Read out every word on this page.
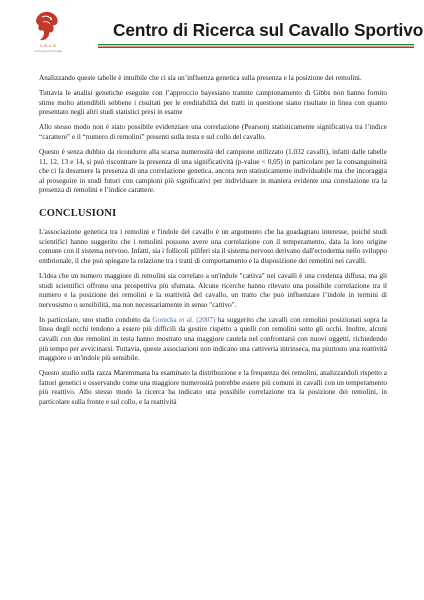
C.R.C.S
Università di Perugia
Centro di Ricerca sul Cavallo Sportivo

Analizzando queste tabelle è intuibile che ci sia un’influenza genetica sulla presenza e la posizione dei remolini.

Tuttavia le analisi genetiche eseguite con l’approccio bayesiano tramite campionamento di Gibbs non hanno fornito stime molto attendibili sebbene i risultati per le ereditabilità dei tratti in questione siano risultate in linea con quanto presentato negli altri studi statistici presi in esame

Allo stesso modo non è stato possibile evidenziare una correlazione (Pearson) statisticamente significativa tra l’indice “carattere” e il “numero di remolini” presenti sulla testa e sul collo del cavallo.

Questo è senza dubbio da ricondurre alla scarsa numerosità del campione utilizzato (1.032 cavalli), infatti dalle tabelle 11, 12, 13 e 14, si può riscontrare la presenza di una significatività (p-value < 0,05) in particolare per la consanguineità che ci fa desumere la presenza di una correlazione genetica, ancora non statisticamente individuabile ma che incoraggia al proseguire in studi futuri con campioni più significativi per individuare in maniera evidente una correlazione tra la presenza di remolini e l’indice carattere.

CONCLUSIONI

L'associazione genetica tra i remolini e l'indole del cavallo è un argomento che ha guadagnato interesse, poiché studi scientifici hanno suggerito che i remolini possono avere una correlazione con il temperamento, data la loro origine comune con il sistema nervoso. Infatti, sia i follicoli piliferi sia il sistema nervoso derivano dall'ectoderma nello sviluppo embrionale, il che può spiegare la relazione tra i tratti di comportamento e la disposizione dei remolini nei cavalli.

L'idea che un numero maggiore di remolini sia correlato a un'indole "cattiva" nei cavalli è una credenza diffusa, ma gli studi scientifici offrono una prospettiva più sfumata. Alcune ricerche hanno rilevato una possibile correlazione tra il numero e la posizione dei remolini e la reattività del cavallo, un tratto che può influenzare l’indole in termini di nervosismo o sensibilità, ma non necessariamente in senso "cattivo".

In particolare, uno studio condotto da Gorecka et al. (2007) ha suggerito che cavalli con remolini posizionati sopra la linea degli occhi tendono a essere più difficili da gestire rispetto a quelli con remolini sotto gli occhi. Inoltre, alcuni cavalli con due remolini in testa hanno mostrato una maggiore cautela nel confrontarsi con nuovi oggetti, richiedendo più tempo per avvicinarsi. Tuttavia, queste associazioni non indicano una cattiveria intrinseca, ma piuttosto una reattività maggiore o un'indole più sensibile.

Questo studio sulla razza Maremmana ha esaminato la distribuzione e la frequenza dei remolini, analizzandoli rispetto a fattori genetici e osservando come una maggiore numerosità potrebbe essere più comuni in cavalli con un temperamento più reattivo. Allo stesso modo la ricerca ha indicato una possibile correlazione tra la posizione dei remolini, in particolare sulla fronte e sul collo, e la reattività
